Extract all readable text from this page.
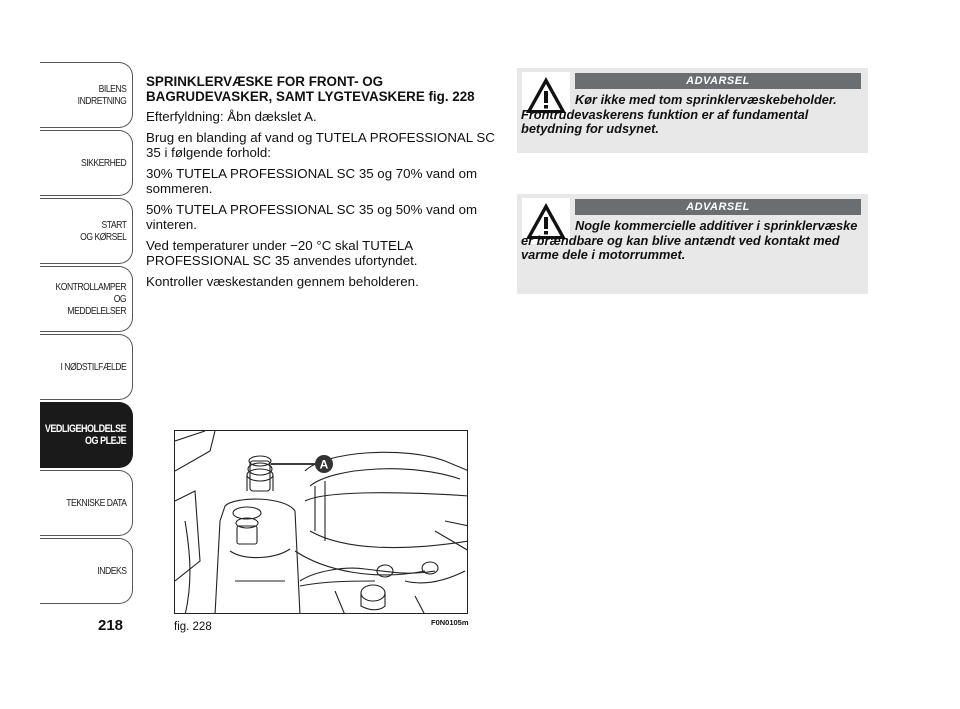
BILENS
INDRETNING
SIKKERHED
START
OG KØRSEL
KONTROLLAMPER
OG MEDDELELSER
I NØDSTILFÆLDE
VEDLIGEHOLDELSE
OG PLEJE
TEKNISKE DATA
INDEKS
218

SPRINKLERVÆSKE FOR FRONT- OG BAGRUDEVASKER, SAMT LYGTEVASKERE fig. 228

Efterfyldning: Åbn dækslet A.

Brug en blanding af vand og TUTELA PROFESSIONAL SC 35 i følgende forhold:

30% TUTELA PROFESSIONAL SC 35 og 70% vand om sommeren.

50% TUTELA PROFESSIONAL SC 35 og 50% vand om vinteren.

Ved temperaturer under −20 °C skal TUTELA PROFESSIONAL SC 35 anvendes ufortyndet.

Kontroller væskestanden gennem beholderen.

ADVARSEL
Kør ikke med tom sprinklervæskebeholder. Frontrudevaskerens funktion er af fundamental betydning for udsynet.
ADVARSEL
Nogle kommercielle additiver i sprinklervæske er brændbare og kan blive antændt ved kontakt med varme dele i motorrummet.
A
fig. 228	F0N0105m
